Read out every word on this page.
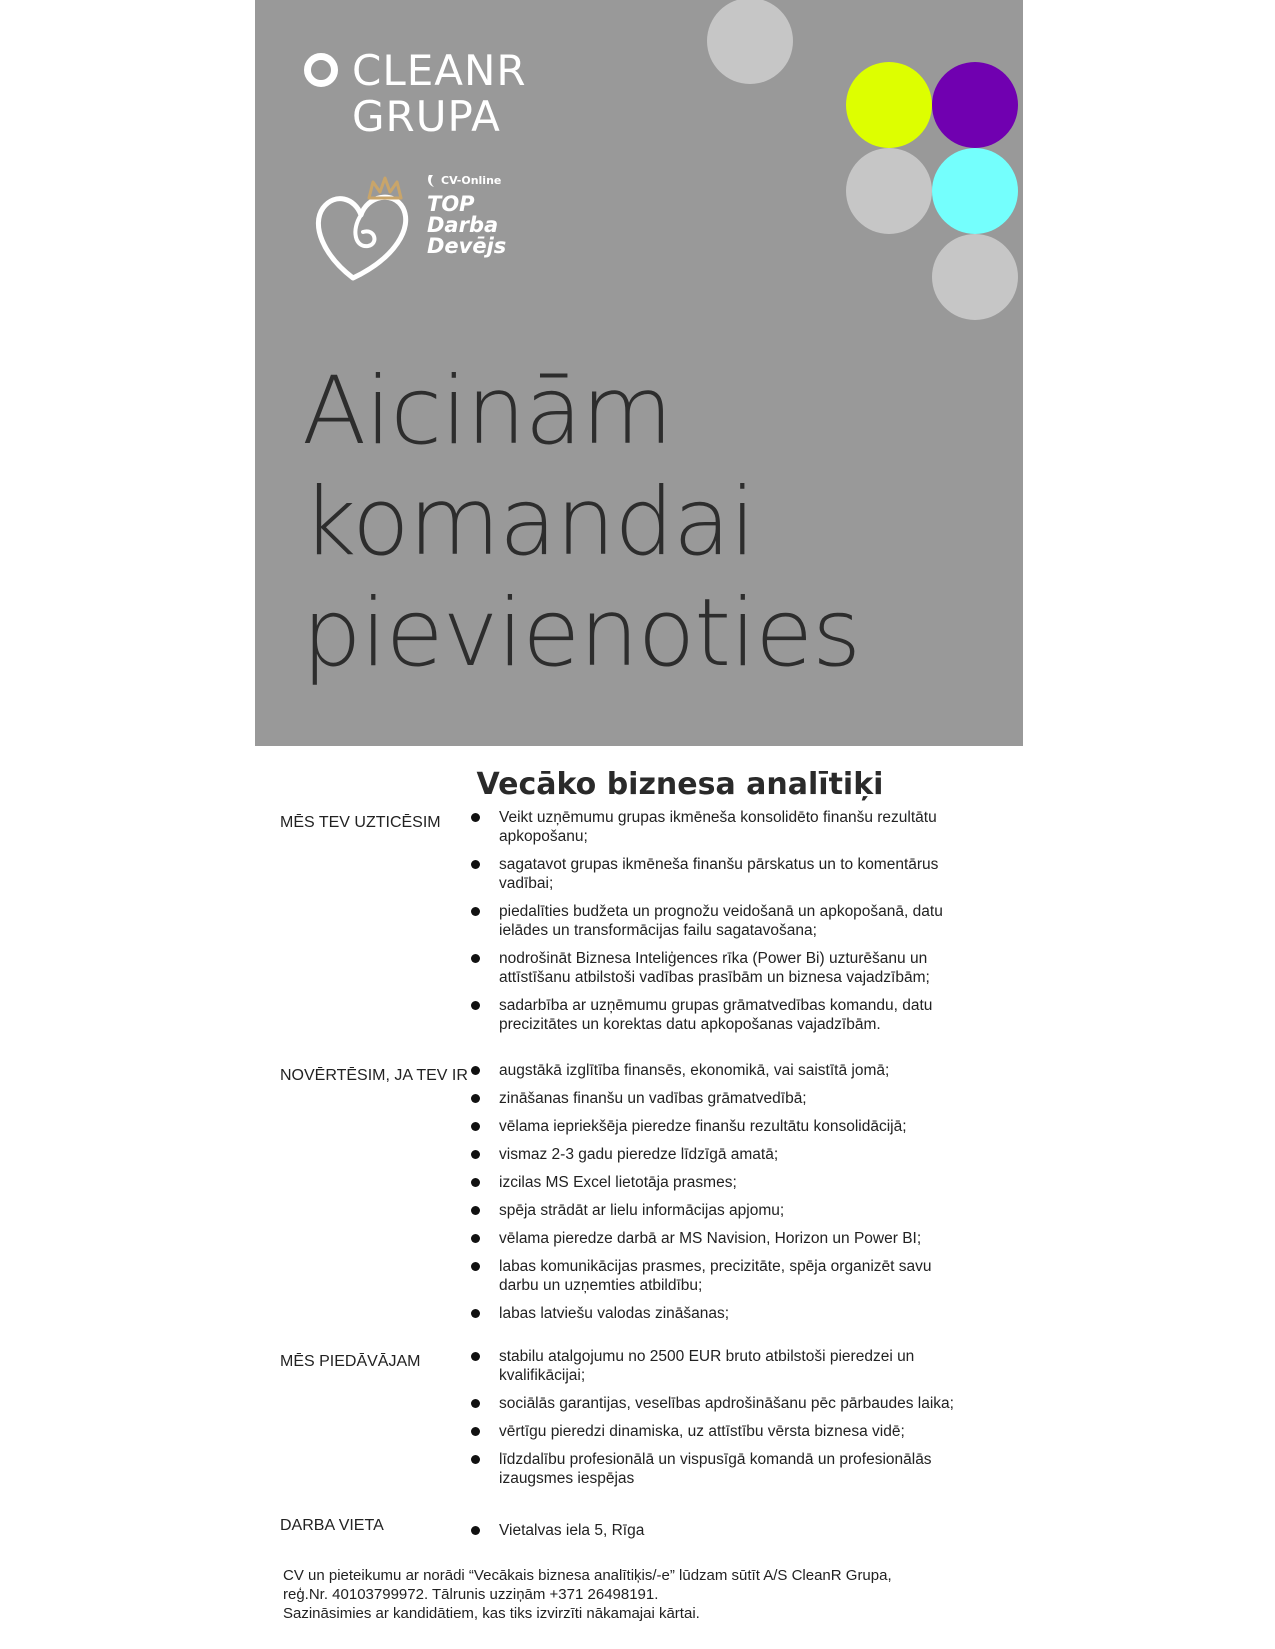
CLEANR
GRUPA
CV-Online
TOP
Darba
Devējs
Aicinām
komandai
pievienoties
Vecāko biznesa analītiķi
MĒS TEV UZTICĒSIM	Veikt uzņēmumu grupas ikmēneša konsolidēto finanšu rezultātu apkopošanu;
sagatavot grupas ikmēneša finanšu pārskatus un to komentārus vadībai;
piedalīties budžeta un prognožu veidošanā un apkopošanā, datu ielādes un transformācijas failu sagatavošana;
nodrošināt Biznesa Inteliģences rīka (Power Bi) uzturēšanu un attīstīšanu atbilstoši vadības prasībām un biznesa vajadzībām;
sadarbība ar uzņēmumu grupas grāmatvedības komandu, datu precizitātes un korektas datu apkopošanas vajadzībām.
NOVĒRTĒSIM, JA TEV IR	augstākā izglītība finansēs, ekonomikā, vai saistītā jomā;
zināšanas finanšu un vadības grāmatvedībā;
vēlama iepriekšēja pieredze finanšu rezultātu konsolidācijā;
vismaz 2-3 gadu pieredze līdzīgā amatā;
izcilas MS Excel lietotāja prasmes;
spēja strādāt ar lielu informācijas apjomu;
vēlama pieredze darbā ar MS Navision, Horizon un Power BI;
labas komunikācijas prasmes, precizitāte, spēja organizēt savu darbu un uzņemties atbildību;
labas latviešu valodas zināšanas;
MĒS PIEDĀVĀJAM	stabilu atalgojumu no 2500 EUR bruto atbilstoši pieredzei un kvalifikācijai;
sociālās garantijas, veselības apdrošināšanu pēc pārbaudes laika;
vērtīgu pieredzi dinamiska, uz attīstību vērsta biznesa vidē;
līdzdalību profesionālā un vispusīgā komandā un profesionālās izaugsmes iespējas
DARBA VIETA	Vietalvas iela 5, Rīga
CV un pieteikumu ar norādi “Vecākais biznesa analītiķis/-e” lūdzam sūtīt A/S CleanR Grupa,
reģ.Nr. 40103799972. Tālrunis uzziņām +371 26498191.
Sazināsimies ar kandidātiem, kas tiks izvirzīti nākamajai kārtai.
